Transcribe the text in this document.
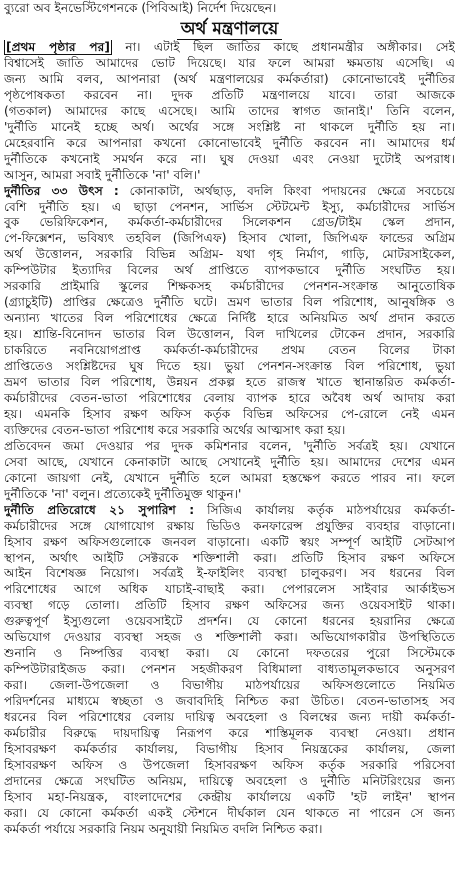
ব্যুরো অব ইনভেস্টিগেশনকে (পিবিআই) নির্দেশ দিয়েছেন।
অর্থ মন্ত্রণালয়ে
[প্রথম পৃষ্ঠার পর] না। এটাই ছিল জাতির কাছে প্রধানমন্ত্রীর অঙ্গীকার। সেই
বিশ্বাসেই জাতি আমাদের ভোট দিয়েছে। যার ফলে আমরা ক্ষমতায় এসেছি। এ
জন্য আমি বলব, আপনারা (অর্থ মন্ত্রণালয়ের কর্মকর্তারা) কোনোভাবেই দুর্নীতির
পৃষ্ঠপোষকতা করবেন না। দুদক প্রতিটি মন্ত্রণালয়ে যাবে। তারা আজকে
(গতকাল) আমাদের কাছে এসেছে। আমি তাদের স্বাগত জানাই।' তিনি বলেন,
'দুর্নীতি মানেই হচ্ছে অর্থ। অর্থের সঙ্গে সংশ্লিষ্ট না থাকলে দুর্নীতি হয় না।
মেহেরবানি করে আপনারা কখনো কোনোভাবেই দুর্নীতি করবেন না। আমাদের ধর্ম
দুর্নীতিকে কখনোই সমর্থন করে না। ঘুষ দেওয়া এবং নেওয়া দুটোই অপরাধ।
আসুন, আমরা সবাই দুর্নীতিকে 'না' বলি।'
দুর্নীতির ৩৩ উৎস : কোনাকাটা, অর্থছাড়, বদলি কিংবা পদায়নের ক্ষেত্রে সবচেয়ে
বেশি দুর্নীতি হয়। এ ছাড়া পেনশন, সার্ভিস স্টেটমেন্ট ইস্যু, কর্মচারীদের সার্ভিস
বুক ভেরিফিকেশন, কর্মকর্তা-কর্মচারীদের সিলেকশন গ্রেড/টাইম স্কেল প্রদান,
পে-ফিক্সেশন, ভবিষ্যৎ তহবিল (জিপিএফ) হিসাব খোলা, জিপিএফ ফান্ডের অগ্রিম
অর্থ উত্তোলন, সরকারি বিভিন্ন অগ্রিম- যথা গৃহ নির্মাণ, গাড়ি, মোটরসাইকেল,
কম্পিউটার ইত্যাদির বিলের অর্থ প্রাপ্তিতে ব্যাপকভাবে দুর্নীতি সংঘটিত হয়।
সরকারি প্রাইমারি স্কুলের শিক্ষকসহ কর্মচারীদের পেনশন-সংক্রান্ত আনুতোষিক
(গ্র্যাচুইটি) প্রাপ্তির ক্ষেত্রেও দুর্নীতি ঘটে। ভ্রমণ ভাতার বিল পরিশোধ, আনুষঙ্গিক ও
অন্যান্য খাতের বিল পরিশোধের ক্ষেত্রে নির্দিষ্ট হারে অনিয়মিত অর্থ প্রদান করতে
হয়। শ্রান্তি-বিনোদন ভাতার বিল উত্তোলন, বিল দাখিলের টোকেন প্রদান, সরকারি
চাকরিতে নবনিয়োগপ্রাপ্ত কর্মকর্তা-কর্মচারীদের প্রথম বেতন বিলের টাকা
প্রাপ্তিতেও সংশ্লিষ্টদের ঘুষ দিতে হয়। ভুয়া পেনশন-সংক্রান্ত বিল পরিশোধ, ভুয়া
ভ্রমণ ভাতার বিল পরিশোধ, উন্নয়ন প্রকল্প হতে রাজস্ব খাতে স্থানান্তরিত কর্মকর্তা-
কর্মচারীদের বেতন-ভাতা পরিশোধের বেলায় ব্যাপক হারে অবৈধ অর্থ আদায় করা
হয়। এমনকি হিসাব রক্ষণ অফিস কর্তৃক বিভিন্ন অফিসের পে-রোলে নেই এমন
ব্যক্তিদের বেতন-ভাতা পরিশোধ করে সরকারি অর্থের আত্মসাৎ করা হয়।
প্রতিবেদন জমা দেওয়ার পর দুদক কমিশনার বলেন, 'দুর্নীতি সর্বত্রই হয়। যেখানে
সেবা আছে, যেখানে কেনাকাটা আছে সেখানেই দুর্নীতি হয়। আমাদের দেশের এমন
কোনো জায়গা নেই, যেখানে দুর্নীতি হলে আমরা হস্তক্ষেপ করতে পারব না। ফলে
দুর্নীতিকে 'না' বলুন। প্রত্যেকেই দুর্নীতিমুক্ত থাকুন।'
দুর্নীতি প্রতিরোধে ২১ সুপারিশ : সিজিএ কার্যালয় কর্তৃক মাঠপর্যায়ের কর্মকর্তা-
কর্মচারীদের সঙ্গে যোগাযোগ রক্ষায় ভিডিও কনফারেন্স প্রযুক্তির ব্যবহার বাড়ানো।
হিসাব রক্ষণ অফিসগুলোকে জনবল বাড়ানো। একটি স্বয়ং সম্পূর্ণ আইটি সেটআপ
স্থাপন, অর্থাৎ আইটি সেক্টরকে শক্তিশালী করা। প্রতিটি হিসাব রক্ষণ অফিসে
আইন বিশেষজ্ঞ নিয়োগ। সর্বত্রই ই-ফাইলিং ব্যবস্থা চালুকরণ। সব ধরনের বিল
পরিশোধের আগে অধিক যাচাই-বাছাই করা। পেপারলেস সাইবার আর্কাইভস
ব্যবস্থা গড়ে তোলা। প্রতিটি হিসাব রক্ষণ অফিসের জন্য ওয়েবসাইট থাকা।
গুরুত্বপূর্ণ ইস্যুগুলো ওয়েবসাইটে প্রদর্শন। যে কোনো ধরনের হয়রানির ক্ষেত্রে
অভিযোগ দেওয়ার ব্যবস্থা সহজ ও শক্তিশালী করা। অভিযোগকারীর উপস্থিতিতে
শুনানি ও নিষ্পত্তির ব্যবস্থা করা। যে কোনো দফতরের পুরো সিস্টেমকে
কম্পিউটারাইজড করা। পেনশন সহজীকরণ বিধিমালা বাধ্যতামূলকভাবে অনুসরণ
করা। জেলা-উপজেলা ও বিভাগীয় মাঠপর্যায়ের অফিসগুলোতে নিয়মিত
পরিদর্শনের মাধ্যমে স্বচ্ছতা ও জবাবদিহি নিশ্চিত করা উচিত। বেতন-ভাতাসহ সব
ধরনের বিল পরিশোধের বেলায় দায়িত্ব অবহেলা ও বিলম্বের জন্য দায়ী কর্মকর্তা-
কর্মচারীর বিরুদ্ধে দায়দায়িত্ব নিরূপণ করে শাস্তিমূলক ব্যবস্থা নেওয়া। প্রধান
হিসাবরক্ষণ কর্মকর্তার কার্যালয়, বিভাগীয় হিসাব নিয়ন্ত্রকের কার্যালয়, জেলা
হিসাবরক্ষণ অফিস ও উপজেলা হিসাবরক্ষণ অফিস কর্তৃক সরকারি পরিসেবা
প্রদানের ক্ষেত্রে সংঘটিত অনিয়ম, দায়িত্বে অবহেলা ও দুর্নীতি মনিটরিংয়ের জন্য
হিসাব মহা-নিয়ন্ত্রক, বাংলাদেশের কেন্দ্রীয় কার্যালয়ে একটি 'হট লাইন' স্থাপন
করা। যে কোনো কর্মকর্তা একই স্টেশনে দীর্ঘকাল যেন থাকতে না পারেন সে জন্য
কর্মকর্তা পর্যায়ে সরকারি নিয়ম অনুযায়ী নিয়মিত বদলি নিশ্চিত করা।
